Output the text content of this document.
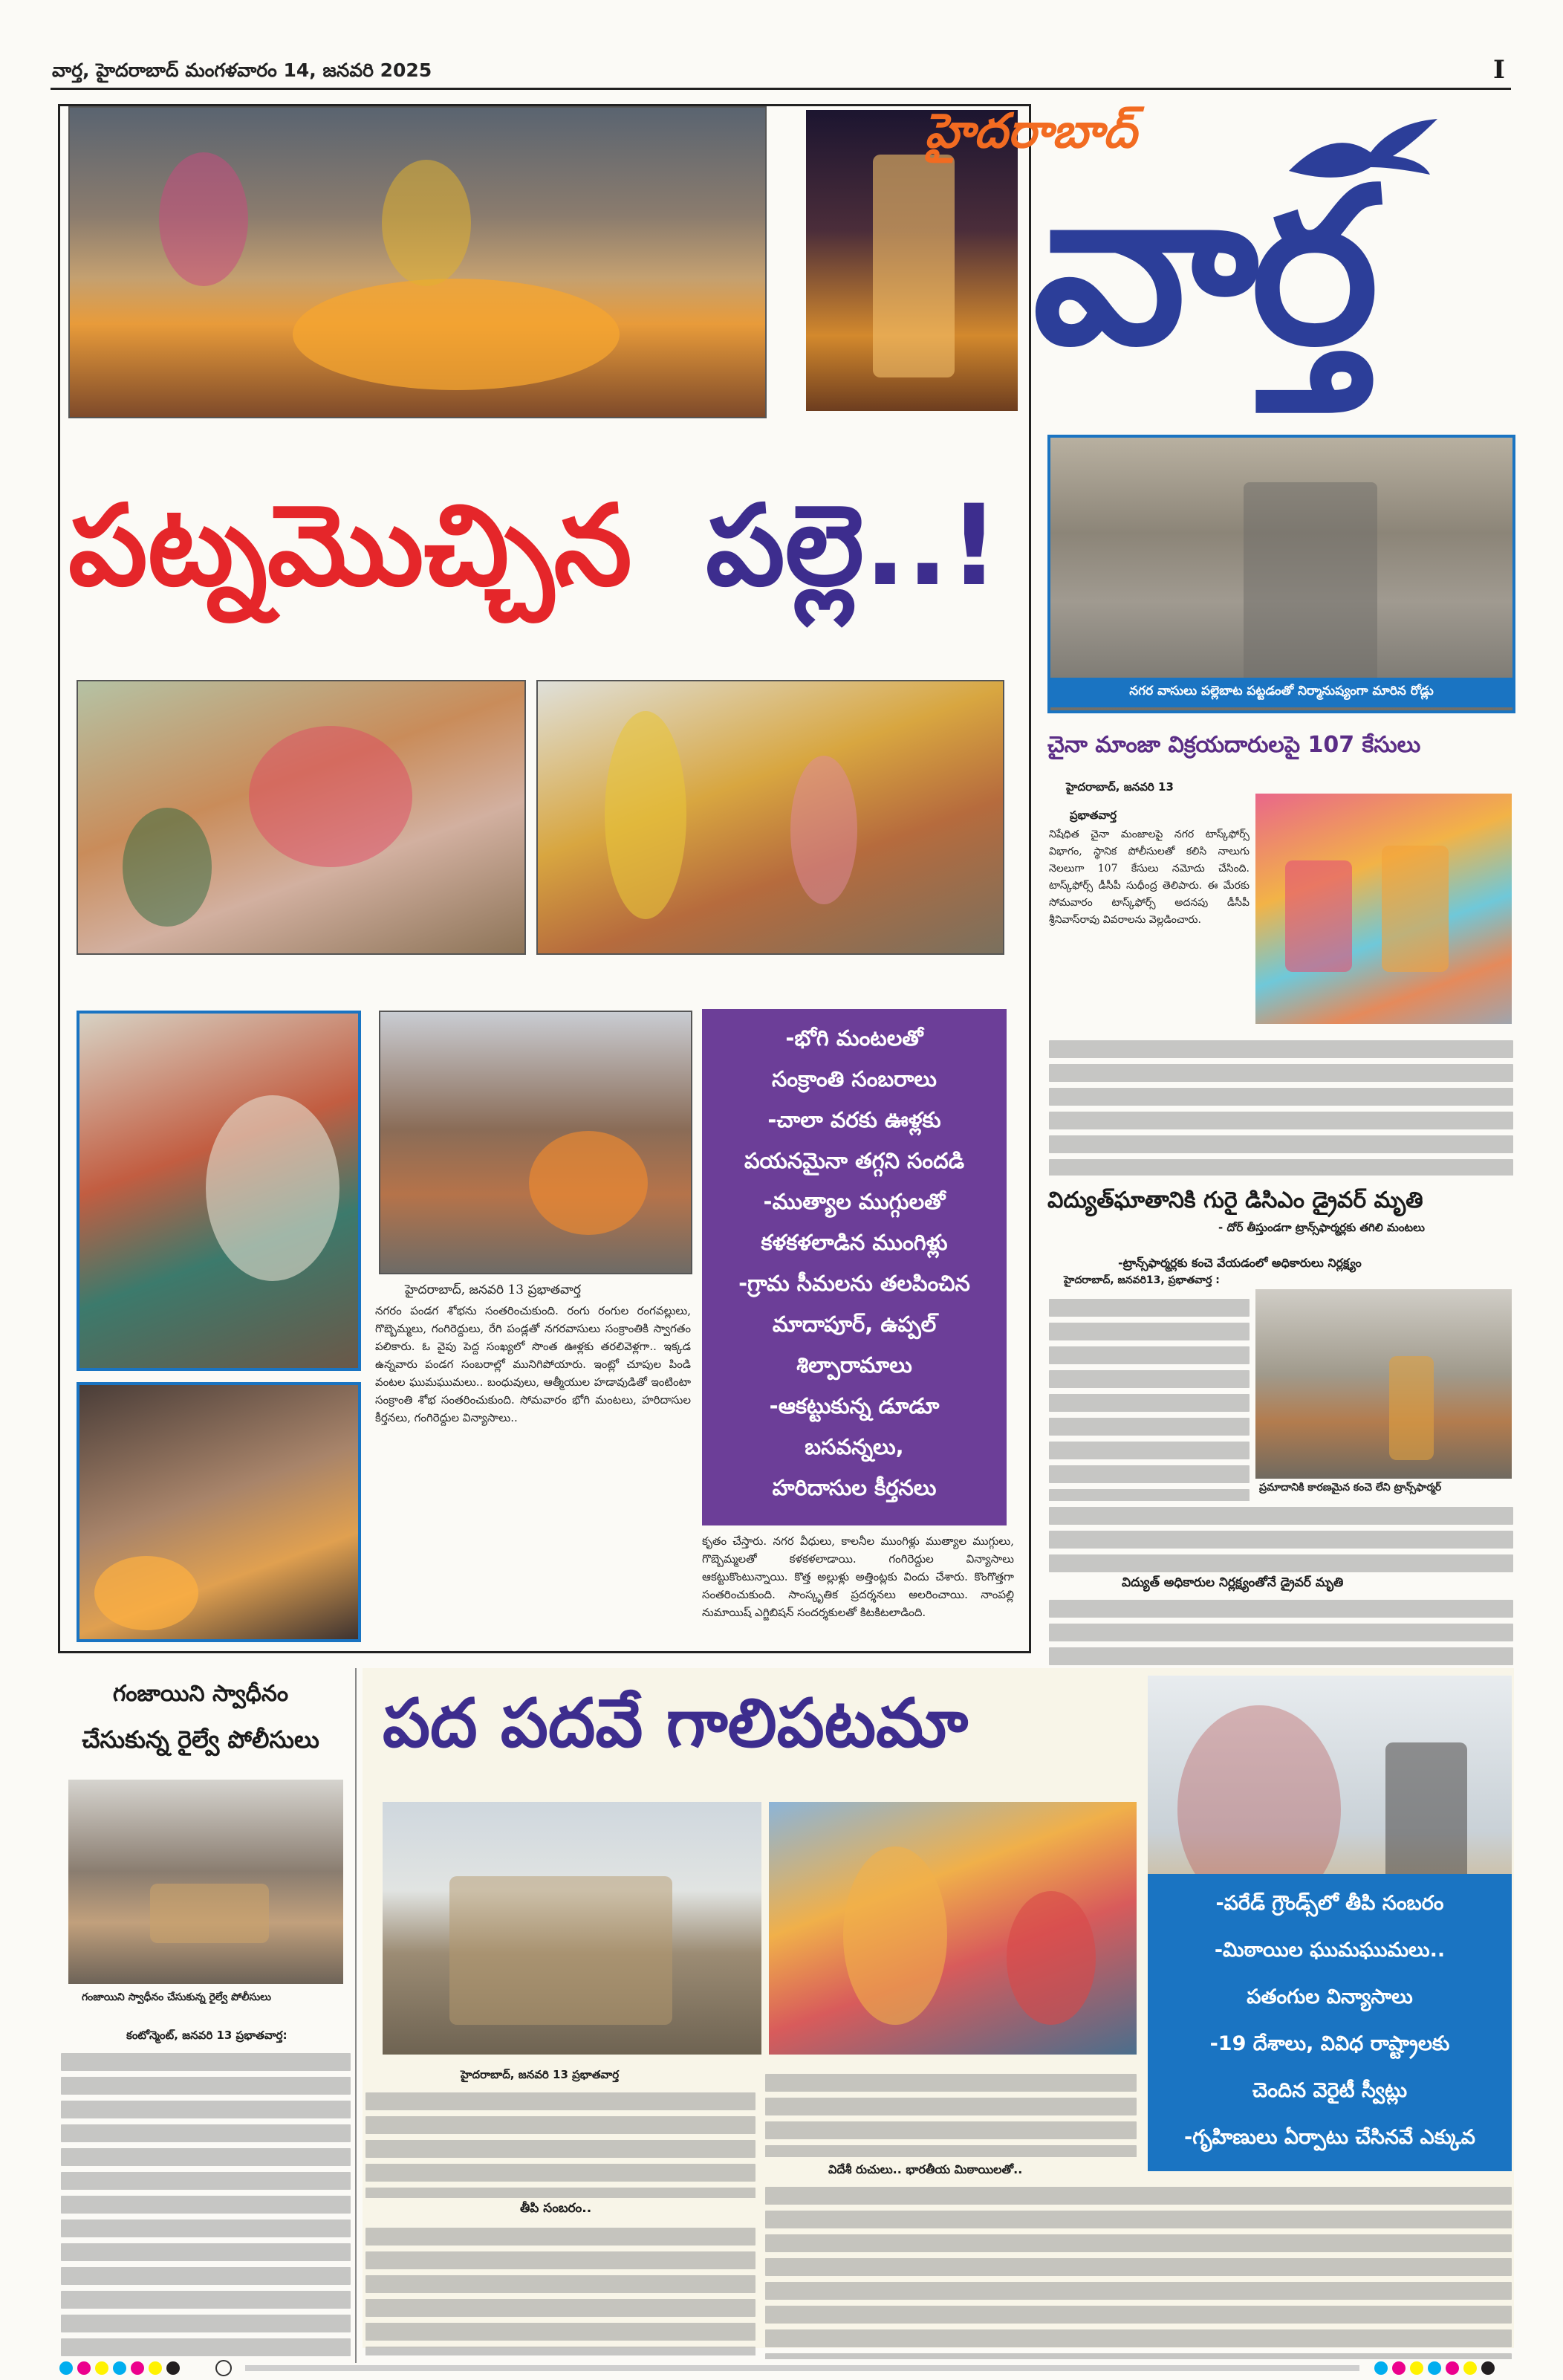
వార్త, హైదరాబాద్ మంగళవారం 14, జనవరి 2025	I
హైదరాబాద్
వార్త
పట్నమొచ్చిన పల్లె..!
హైదరాబాద్, జనవరి 13 ప్రభాతవార్త
నగరం పండగ శోభను సంతరించుకుంది. రంగు రంగుల రంగవల్లులు, గొబ్బెమ్మలు, గంగిరెద్దులు, రేగి పండ్లతో నగరవాసులు సంక్రాంతికి స్వాగతం పలికారు. ఓ వైపు పెద్ద సంఖ్యలో సొంత ఊళ్లకు తరలివెళ్లగా.. ఇక్కడ ఉన్నవారు పండగ సంబరాల్లో మునిగిపోయారు. ఇంట్లో చూపుల పిండి వంటల ఘుమఘుమలు.. బంధువులు, ఆత్మీయుల హడావుడితో ఇంటింటా సంక్రాంతి శోభ సంతరించుకుంది. సోమవారం భోగి మంటలు, హరిదాసుల కీర్తనలు, గంగిరెద్దుల విన్యాసాలు..
-భోగి మంటలతో
సంక్రాంతి సంబరాలు
-చాలా వరకు ఊళ్లకు
పయనమైనా తగ్గని సందడి
-ముత్యాల ముగ్గులతో
కళకళలాడిన ముంగిళ్లు
-గ్రామ సీమలను తలపించిన
మాదాపూర్, ఉప్పల్
శిల్పారామాలు
-ఆకట్టుకున్న డూడూ
బసవన్నలు,
హరిదాసుల కీర్తనలు
కృతం చేస్తారు. నగర వీధులు, కాలనీల ముంగిళ్లు ముత్యాల ముగ్గులు, గొబ్బెమ్మలతో కళకళలాడాయి. గంగిరెద్దుల విన్యాసాలు ఆకట్టుకొంటున్నాయి. కొత్త అల్లుళ్లు అత్తింట్లకు విందు చేశారు. కొంగొత్తగా సంతరించుకుంది. సాంస్కృతిక ప్రదర్శనలు అలరించాయి. నాంపల్లి నుమాయిష్ ఎగ్జిబిషన్ సందర్శకులతో కిటకిటలాడింది.
నగర వాసులు పల్లెబాట పట్టడంతో నిర్మానుష్యంగా మారిన రోడ్లు
చైనా మాంజా విక్రయదారులపై 107 కేసులు
హైదరాబాద్, జనవరి 13
ప్రభాతవార్త
నిషేధిత చైనా మంజాలపై నగర టాస్క్‌ఫోర్స్ విభాగం, స్థానిక పోలీసులతో కలిసి నాలుగు నెలలుగా 107 కేసులు నమోదు చేసింది. టాస్క్‌ఫోర్స్ డీసీపీ సుధీంద్ర తెలిపారు. ఈ మేరకు సోమవారం టాస్క్‌ఫోర్స్ అదనపు డీసీపీ శ్రీనివాస్‌రావు వివరాలను వెల్లడించారు.
విద్యుత్‌ఘాతానికి గురై డిసిఎం డ్రైవర్ మృతి
- దోర్ తీస్తుండగా ట్రాన్స్‌ఫార్మర్లకు తగిలి మంటలు
-ట్రాన్స్‌ఫార్మర్లకు కంచె వేయడంలో అధికారులు నిర్లక్ష్యం
హైదరాబాద్, జనవరి13, ప్రభాతవార్త :
ప్రమాదానికి కారణమైన కంచె లేని ట్రాన్స్‌ఫార్మర్
విద్యుత్ అధికారుల నిర్లక్ష్యంతోనే డ్రైవర్ మృతి
గంజాయిని స్వాధీనం
చేసుకున్న రైల్వే పోలీసులు
గంజాయిని స్వాధీనం చేసుకున్న రైల్వే పోలీసులు
కంటోన్మెంట్, జనవరి 13 ప్రభాతవార్త:
పద పదవే గాలిపటమా
హైదరాబాద్, జనవరి 13 ప్రభాతవార్త
తీపి సంబరం..
విదేశీ రుచులు.. భారతీయ మిఠాయిలతో..
-పరేడ్ గ్రౌండ్స్‌లో తీపి సంబరం
-మిఠాయిల ఘుమఘుమలు..
పతంగుల విన్యాసాలు
-19 దేశాలు, వివిధ రాష్ట్రాలకు
చెందిన వెరైటీ స్వీట్లు
-గృహిణులు ఏర్పాటు చేసినవే ఎక్కువ
